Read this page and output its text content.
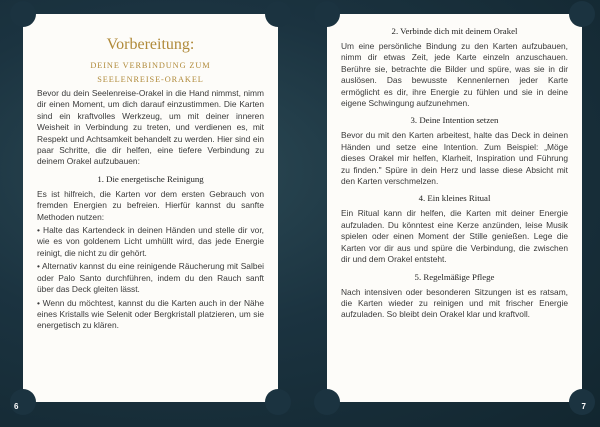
Vorbereitung:
DEINE VERBINDUNG ZUM
SEELENREISE-ORAKEL

Bevor du dein Seelenreise-Orakel in die Hand nimmst, nimm dir einen Moment, um dich darauf einzustimmen. Die Karten sind ein kraftvolles Werkzeug, um mit deiner inneren Weisheit in Verbindung zu treten, und verdienen es, mit Respekt und Achtsamkeit behandelt zu werden. Hier sind ein paar Schritte, die dir helfen, eine tiefere Verbindung zu deinem Orakel aufzubauen:

1. Die energetische Reinigung

Es ist hilfreich, die Karten vor dem ersten Gebrauch von fremden Energien zu befreien. Hierfür kannst du sanfte Methoden nutzen:

• Halte das Kartendeck in deinen Händen und stelle dir vor, wie es von goldenem Licht umhüllt wird, das jede Energie reinigt, die nicht zu dir gehört.

• Alternativ kannst du eine reinigende Räucherung mit Salbei oder Palo Santo durchführen, indem du den Rauch sanft über das Deck gleiten lässt.

• Wenn du möchtest, kannst du die Karten auch in der Nähe eines Kristalls wie Selenit oder Bergkristall platzieren, um sie energetisch zu klären.

2. Verbinde dich mit deinem Orakel

Um eine persönliche Bindung zu den Karten aufzubauen, nimm dir etwas Zeit, jede Karte einzeln anzuschauen. Berühre sie, betrachte die Bilder und spüre, was sie in dir auslösen. Das bewusste Kennenlernen jeder Karte ermöglicht es dir, ihre Energie zu fühlen und sie in deine eigene Schwingung aufzunehmen.

3. Deine Intention setzen

Bevor du mit den Karten arbeitest, halte das Deck in deinen Händen und setze eine Intention. Zum Beispiel: „Möge dieses Orakel mir helfen, Klarheit, Inspiration und Führung zu finden." Spüre in dein Herz und lasse diese Absicht mit den Karten verschmelzen.

4. Ein kleines Ritual

Ein Ritual kann dir helfen, die Karten mit deiner Energie aufzuladen. Du könntest eine Kerze anzünden, leise Musik spielen oder einen Moment der Stille genießen. Lege die Karten vor dir aus und spüre die Verbindung, die zwischen dir und dem Orakel entsteht.

5. Regelmäßige Pflege

Nach intensiven oder besonderen Sitzungen ist es ratsam, die Karten wieder zu reinigen und mit frischer Energie aufzuladen. So bleibt dein Orakel klar und kraftvoll.

6	7
